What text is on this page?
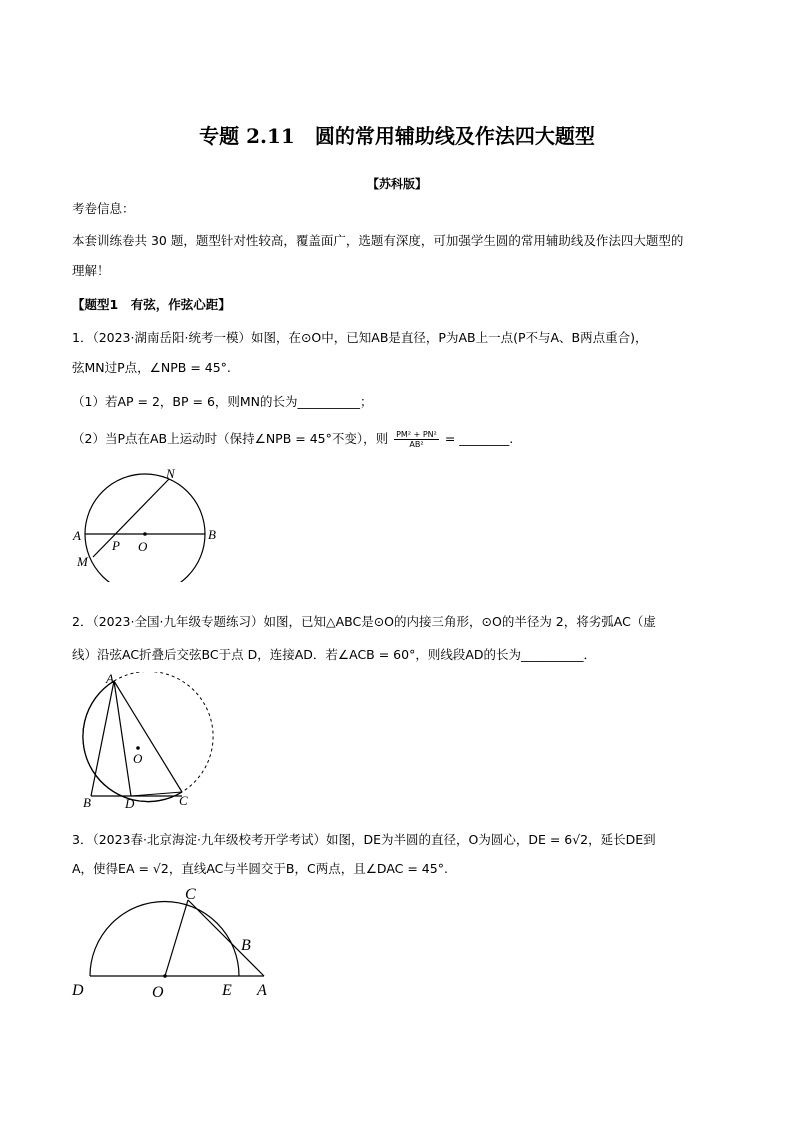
专题 2.11　圆的常用辅助线及作法四大题型
【苏科版】
考卷信息：
本套训练卷共 30 题，题型针对性较高，覆盖面广，选题有深度，可加强学生圆的常用辅助线及作法四大题型的
理解！
【题型1　有弦，作弦心距】
1．（2023·湖南岳阳·统考一模）如图，在⊙O中，已知AB是直径，P为AB上一点(P不与A、B两点重合)，
弦MN过P点，∠NPB = 45°.
（1）若AP = 2，BP = 6，则MN的长为__________；
（2）当P点在AB上运动时（保持∠NPB = 45°不变），则 $\frac{\text{PM² + PN²}}{\text{AB²}}$ = ________.
A	B
M
N
P O
2．（2023·全国·九年级专题练习）如图，已知△ABC是⊙O的内接三角形，⊙O的半径为 2，将劣弧AC（虚
线）沿弦AC折叠后交弦BC于点 D，连接AD．若∠ACB = 60°，则线段AD的长为__________．
A
B	C
D
O
3．（2023春·北京海淀·九年级校考开学考试）如图，DE为半圆的直径，O为圆心，DE = 6√2，延长DE到
A，使得EA = √2，直线AC与半圆交于B，C两点，且∠DAC = 45°.
C
B
D	O	E A
